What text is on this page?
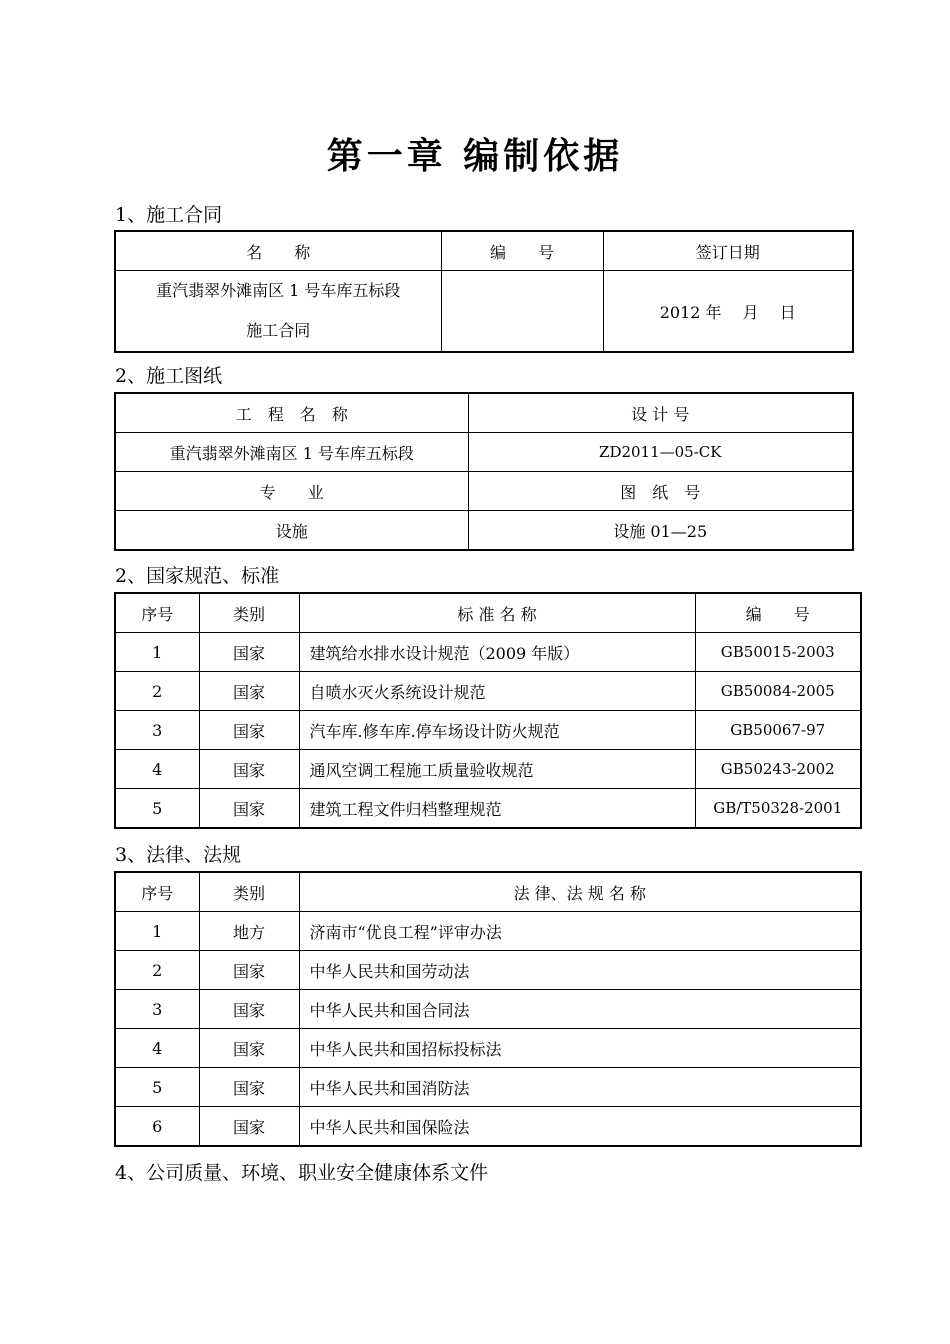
第一章 编制依据
1、施工合同
名　　称	编　　号	签订日期

重汽翡翠外滩南区 1 号车库五标段
施工合同		2012 年　 月　 日
2、施工图纸
工　程　名　称	设 计 号
重汽翡翠外滩南区 1 号车库五标段	ZD2011—05-CK
专　　业	图　纸　号
设施	设施 01—25
2、国家规范、标准
序号	类别	标 准 名 称	编　　号
1	国家	建筑给水排水设计规范（2009 年版）	GB50015-2003
2	国家	自喷水灭火系统设计规范	GB50084-2005
3	国家	汽车库.修车库.停车场设计防火规范	GB50067-97
4	国家	通风空调工程施工质量验收规范	GB50243-2002
5	国家	建筑工程文件归档整理规范	GB/T50328-2001
3、法律、法规
序号	类别	法 律、法 规 名 称
1	地方	济南市“优良工程”评审办法
2	国家	中华人民共和国劳动法
3	国家	中华人民共和国合同法
4	国家	中华人民共和国招标投标法
5	国家	中华人民共和国消防法
6	国家	中华人民共和国保险法
4、公司质量、环境、职业安全健康体系文件
